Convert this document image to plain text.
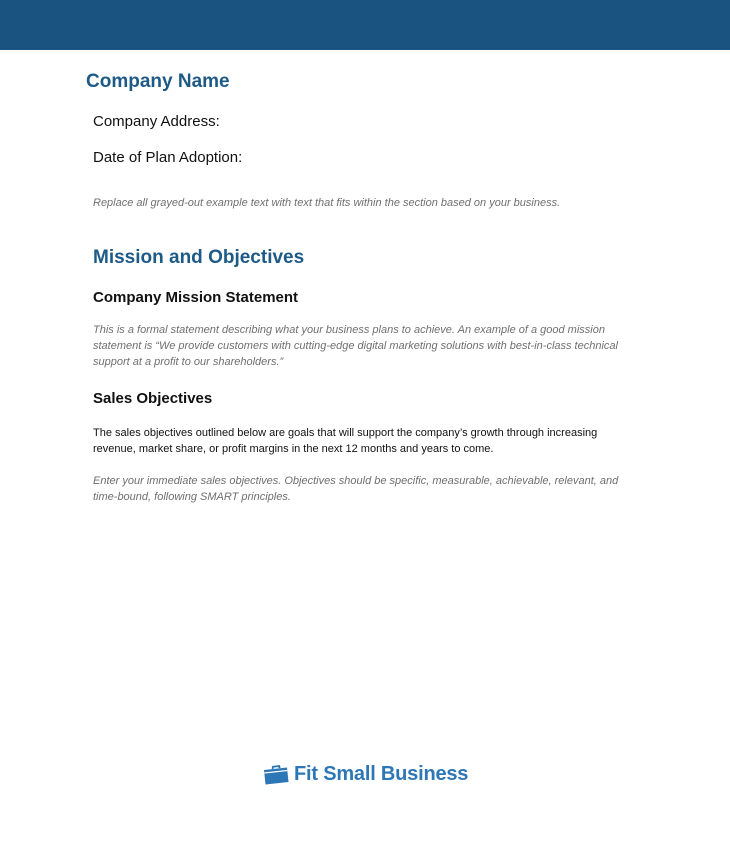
Company Name

Company Address:

Date of Plan Adoption:

Replace all grayed-out example text with text that fits within the section based on your business.

Mission and Objectives
Company Mission Statement

This is a formal statement describing what your business plans to achieve. An example of a good mission statement is “We provide customers with cutting-edge digital marketing solutions with best-in-class technical support at a profit to our shareholders.”

Sales Objectives

The sales objectives outlined below are goals that will support the company’s growth through increasing revenue, market share, or profit margins in the next 12 months and years to come.

Enter your immediate sales objectives. Objectives should be specific, measurable, achievable, relevant, and time-bound, following SMART principles.

Fit Small Business
